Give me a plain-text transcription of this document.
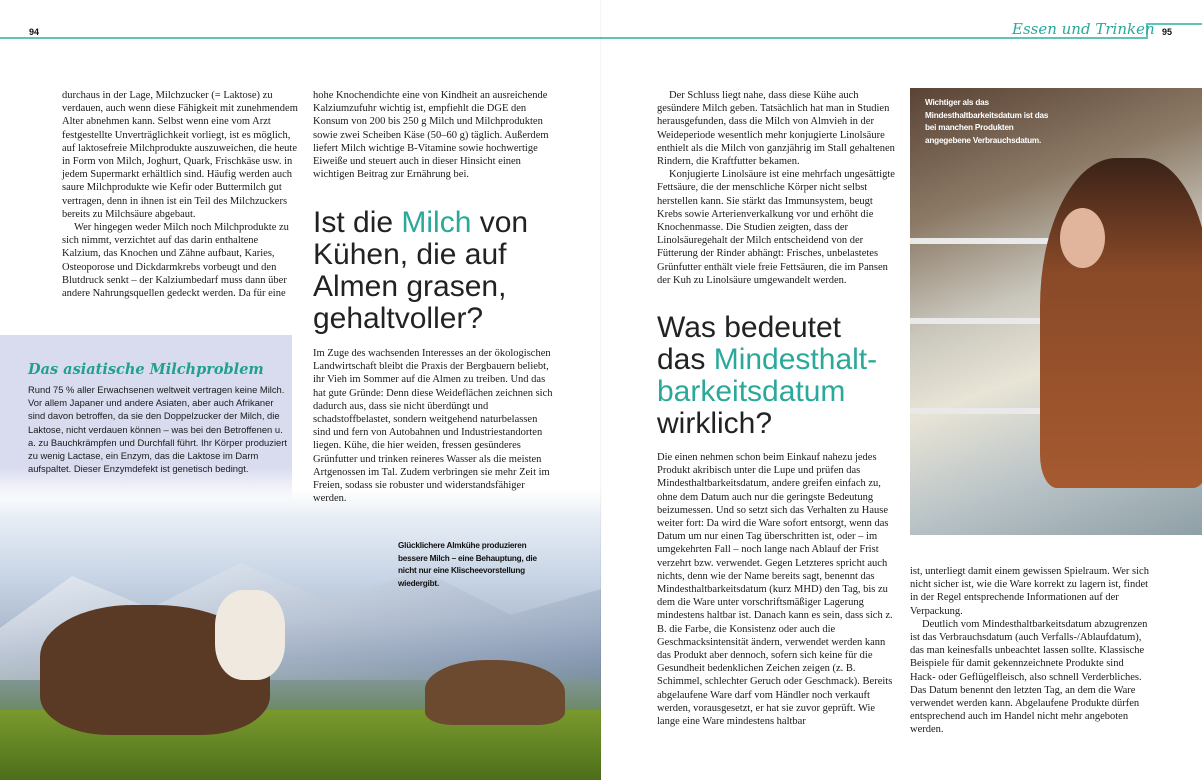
94	95
Essen und Trinken

durchaus in der Lage, Milchzucker (= Laktose) zu verdauen, auch wenn diese Fähigkeit mit zunehmendem Alter abnehmen kann. Selbst wenn eine vom Arzt festgestellte Unverträglichkeit vorliegt, ist es möglich, auf laktosefreie Milchprodukte auszuweichen, die heute in Form von Milch, Joghurt, Quark, Frischkäse usw. in jedem Supermarkt erhältlich sind. Häufig werden auch saure Milchprodukte wie Kefir oder Buttermilch gut vertragen, denn in ihnen ist ein Teil des Milchzuckers bereits zu Milchsäure abgebaut.

Wer hingegen weder Milch noch Milchprodukte zu sich nimmt, verzichtet auf das darin enthaltene Kalzium, das Knochen und Zähne aufbaut, Karies, Osteoporose und Dickdarmkrebs vorbeugt und den Blutdruck senkt – der Kalziumbedarf muss dann über andere Nahrungsquellen gedeckt werden. Da für eine

Das asiatische Milchproblem
Rund 75 % aller Erwachsenen weltweit vertragen keine Milch. Vor allem Japaner und andere Asiaten, aber auch Afrikaner sind davon betroffen, da sie den Doppelzucker der Milch, die Laktose, nicht verdauen können – was bei den Betroffenen u. a. zu Bauchkrämpfen und Durchfall führt. Ihr Körper produziert zu wenig Lactase, ein Enzym, das die Laktose im Darm aufspaltet. Dieser Enzymdefekt ist genetisch bedingt.

hohe Knochendichte eine von Kindheit an ausreichende Kalziumzufuhr wichtig ist, empfiehlt die DGE den Konsum von 200 bis 250 g Milch und Milchprodukten sowie zwei Scheiben Käse (50–60 g) täglich. Außerdem liefert Milch wichtige B-Vitamine sowie hochwertige Eiweiße und steuert auch in dieser Hinsicht einen wichtigen Beitrag zur Ernährung bei.

Ist die Milch von Kühen, die auf Almen grasen, gehaltvoller?

Im Zuge des wachsenden Interesses an der ökologischen Landwirtschaft bleibt die Praxis der Bergbauern beliebt, ihr Vieh im Sommer auf die Almen zu treiben. Und das hat gute Gründe: Denn diese Weideflächen zeichnen sich dadurch aus, dass sie nicht überdüngt und schadstoffbelastet, sondern weitgehend naturbelassen sind und fern von Autobahnen und Industriestandorten liegen. Kühe, die hier weiden, fressen gesünderes Grünfutter und trinken reineres Wasser als die meisten Artgenossen im Tal. Zudem verbringen sie mehr Zeit im Freien, sodass sie robuster und widerstandsfähiger werden.

Glücklichere Almkühe produzieren bessere Milch – eine Behauptung, die nicht nur eine Klischeevorstellung wiedergibt.

Der Schluss liegt nahe, dass diese Kühe auch gesündere Milch geben. Tatsächlich hat man in Studien herausgefunden, dass die Milch von Almvieh in der Weideperiode wesentlich mehr konjugierte Linolsäure enthielt als die Milch von ganzjährig im Stall gehaltenen Rindern, die Kraftfutter bekamen.

Konjugierte Linolsäure ist eine mehrfach ungesättigte Fettsäure, die der menschliche Körper nicht selbst herstellen kann. Sie stärkt das Immunsystem, beugt Krebs sowie Arterienverkalkung vor und erhöht die Knochenmasse. Die Studien zeigten, dass der Linolsäuregehalt der Milch entscheidend von der Fütterung der Rinder abhängt: Frisches, unbelastetes Grünfutter enthält viele freie Fettsäuren, die im Pansen der Kuh zu Linolsäure umgewandelt werden.

Was bedeutet das Mindesthalt-barkeitsdatum wirklich?

Die einen nehmen schon beim Einkauf nahezu jedes Produkt akribisch unter die Lupe und prüfen das Mindesthaltbarkeitsdatum, andere greifen einfach zu, ohne dem Datum auch nur die geringste Bedeutung beizumessen. Und so setzt sich das Verhalten zu Hause weiter fort: Da wird die Ware sofort entsorgt, wenn das Datum um nur einen Tag überschritten ist, oder – im umgekehrten Fall – noch lange nach Ablauf der Frist verzehrt bzw. verwendet. Gegen Letzteres spricht auch nichts, denn wie der Name bereits sagt, benennt das Mindesthaltbarkeitsdatum (kurz MHD) den Tag, bis zu dem die Ware unter vorschriftsmäßiger Lagerung mindestens haltbar ist. Danach kann es sein, dass sich z. B. die Farbe, die Konsistenz oder auch die Geschmacksintensität ändern, verwendet werden kann das Produkt aber dennoch, sofern sich keine für die Gesundheit bedenklichen Zeichen zeigen (z. B. Schimmel, schlechter Geruch oder Geschmack). Bereits abgelaufene Ware darf vom Händler noch verkauft werden, vorausgesetzt, er hat sie zuvor geprüft. Wie lange eine Ware mindestens haltbar

Wichtiger als das Mindesthaltbarkeitsdatum ist das bei manchen Produkten angegebene Verbrauchsdatum.

ist, unterliegt damit einem gewissen Spielraum. Wer sich nicht sicher ist, wie die Ware korrekt zu lagern ist, findet in der Regel entsprechende Informationen auf der Verpackung.

Deutlich vom Mindesthaltbarkeitsdatum abzugrenzen ist das Verbrauchsdatum (auch Verfalls-/Ablaufdatum), das man keinesfalls unbeachtet lassen sollte. Klassische Beispiele für damit gekennzeichnete Produkte sind Hack- oder Geflügelfleisch, also schnell Verderbliches. Das Datum benennt den letzten Tag, an dem die Ware verwendet werden kann. Abgelaufene Produkte dürfen entsprechend auch im Handel nicht mehr angeboten werden.
